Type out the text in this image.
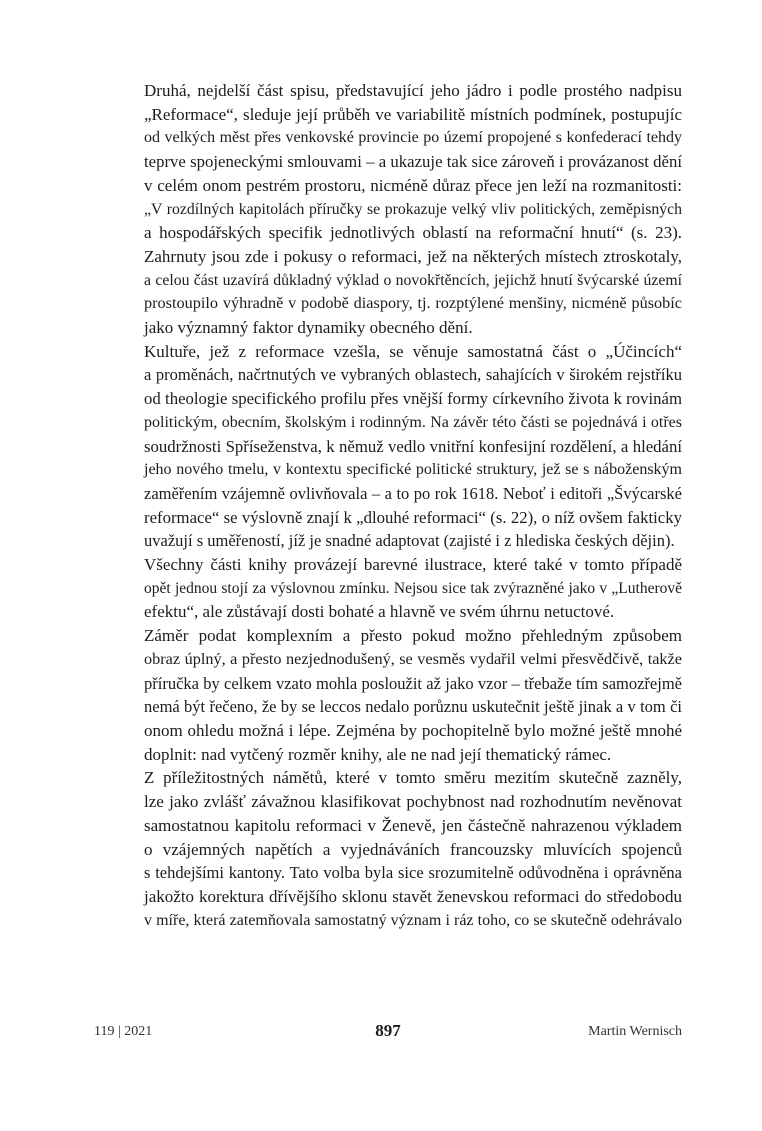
Druhá, nejdelší část spisu, představující jeho jádro i podle prostého nadpisu
„Reformace“, sleduje její průběh ve variabilitě místních podmínek, postupujíc
od velkých měst přes venkovské provincie po území propojené s konfederací tehdy
teprve spojeneckými smlouvami – a ukazuje tak sice zároveň i provázanost dění
v celém onom pestrém prostoru, nicméně důraz přece jen leží na rozmanitosti:
„V rozdílných kapitolách příručky se prokazuje velký vliv politických, zeměpisných
a hospodářských specifik jednotlivých oblastí na reformační hnutí“ (s. 23).
Zahrnuty jsou zde i pokusy o reformaci, jež na některých místech ztroskotaly,
a celou část uzavírá důkladný výklad o novokřtěncích, jejichž hnutí švýcarské území
prostoupilo výhradně v podobě diaspory, tj. rozptýlené menšiny, nicméně působíc
jako významný faktor dynamiky obecného dění.

Kultuře, jež z reformace vzešla, se věnuje samostatná část o „Účincích“
a proměnách, načrtnutých ve vybraných oblastech, sahajících v širokém rejstříku
od theologie specifického profilu přes vnější formy církevního života k rovinám
politickým, obecním, školským i rodinným. Na závěr této části se pojednává i otřes
soudržnosti Spříseženstva, k němuž vedlo vnitřní konfesijní rozdělení, a hledání
jeho nového tmelu, v kontextu specifické politické struktury, jež se s náboženským
zaměřením vzájemně ovlivňovala – a to po rok 1618. Neboť i editoři „Švýcarské
reformace“ se výslovně znají k „dlouhé reformaci“ (s. 22), o níž ovšem fakticky
uvažují s uměřeností, jíž je snadné adaptovat (zajisté i z hlediska českých dějin).

Všechny části knihy provázejí barevné ilustrace, které také v tomto případě
opět jednou stojí za výslovnou zmínku. Nejsou sice tak zvýrazněné jako v „Lutherově
efektu“, ale zůstávají dosti bohaté a hlavně ve svém úhrnu netuctové.

Záměr podat komplexním a přesto pokud možno přehledným způsobem
obraz úplný, a přesto nezjednodušený, se vesměs vydařil velmi přesvědčivě, takže
příručka by celkem vzato mohla posloužit až jako vzor – třebaže tím samozřejmě
nemá být řečeno, že by se leccos nedalo porůznu uskutečnit ještě jinak a v tom či
onom ohledu možná i lépe. Zejména by pochopitelně bylo možné ještě mnohé
doplnit: nad vytčený rozměr knihy, ale ne nad její thematický rámec.

Z příležitostných námětů, které v tomto směru mezitím skutečně zazněly,
lze jako zvlášť závažnou klasifikovat pochybnost nad rozhodnutím nevěnovat
samostatnou kapitolu reformaci v Ženevě, jen částečně nahrazenou výkladem
o vzájemných napětích a vyjednáváních francouzsky mluvících spojenců
s tehdejšími kantony. Tato volba byla sice srozumitelně odůvodněna i oprávněna
jakožto korektura dřívějšího sklonu stavět ženevskou reformaci do středobodu
v míře, která zatemňovala samostatný význam i ráz toho, co se skutečně odehrávalo

119 | 2021	897	Martin Wernisch
